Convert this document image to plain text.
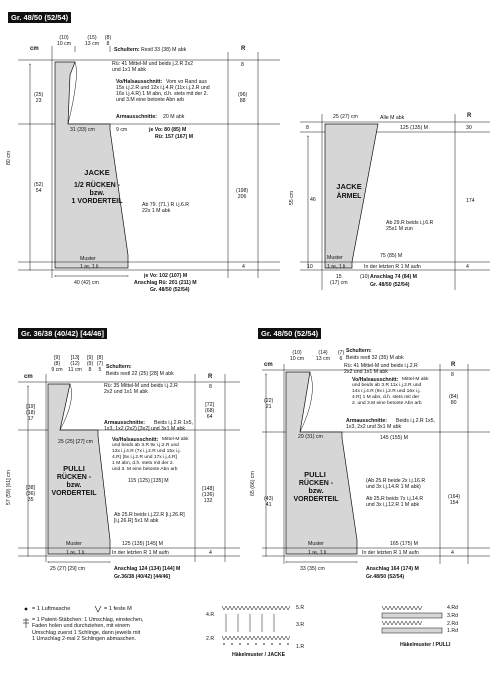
Gr. 48/50 (52/54)
cm
(10)
10 cm
(15)
13 cm
(8)
8
R
Schultern: Restl 33 (38) M abk
Rü: 41 Mittel-M und beids j.2.R 2x2
und 1x1 M abk
Vo/Halsausschnitt: Vom vo Rand aus
15x i.j.2.R und 12x i.j.4.R (11x i.j.2.R und
16x i.j.4.R) 1 M abn, d.h. stets mit der 2.
und 3.M eine betonte Abn arb
Armausschnitte: 20 M abk
(25)
23
(52)
54
80 cm
31 (33) cm	9 cm	je Vo: 80 (85) M
Rü: 157 (167) M
JACKE
1/2 RÜCKEN -
bzw.
1 VORDERTEIL	Ab 79. (71.) R i.j.6.R
22x 1 M abk
8
(96)
88
(198)
206
4
Muster
1 re, 1 li
40 (42) cm
je Vo: 102 (107) M
Anschlag Rü: 201 (211) M
Gr. 48/50 (52/54)
25 (27) cm	R
Alle M abk
8	125 (135) M	30
55 cm	46
JACKE
ÄRMEL
174
Ab 29.R beids i.j.6.R
25x1 M zun
75 (85) M
Muster
1 re, 1 li
10	In der letzten R 1 M aufn	4
15
(17) cm
(10) Anschlag 74 (84) M
Gr. 48/50 (52/54)
Gr. 36/38 (40/42) [44/46]
cm
[9]
(8)
9 cm
[13]
(12)
11 cm
[9]
(9)
8
[8]
(7)
5
R
Schultern:
Beids restl 22 (25) [28] M abk
Rü: 35 Mittel-M und beids i.j.2.R
2x2 und 1x1 M abk
[19]
(18)
17
Armausschnitte:	Beids i.j.2.R 1x5,
1x3, 1x2 (2x2) [3x2] und 3x1 M abk
25 (25) [27] cm	Vo/Halsausschnitt: Mittel-M abk
und beids ab 3.R 9x i.j.2.R und
13x i.j.4.R (7x i.j.2.R und 15x i.j.
4.R) [5x i.j.2.R und 17x i.j.4.R]
1 M abn, d.h. stets mit der 2.
und 3. M eine betonte Abn arb
115 (125) [135] M
57 (59) [61] cm	[38]
(36)
35
PULLI
RÜCKEN -
bzw.
VORDERTEIL
Ab 25.R beids i.j.22.R [i.j.26.R]
[i.j.26.R] 5x1 M abk
8
[72]
(68)
64
[148]
(136)
132
4
Muster
1 re, 1 li
125 (135) [145] M
In der letzten R 1 M aufn
25 (27) [29] cm	Anschlag 124 (134) [144] M
Gr.36/38 (40/42) [44/46]
Gr. 48/50 (52/54)
cm
(10)
10 cm
(14)
13 cm
(7)
6
R
Schultern:
Beids restl 32 (35) M abk
Rü: 41 Mittel-M und beids i.j.2.R
2x2 und 1x1 M abk
Vo/Halsausschnitt: Mittel-M abk
und beids ab 3.R 11x i.j.2.R und
14x i.j.4.R (9x i.j.2.R und 16x i.j.
4.R) 1 M abn, d.h. stets mit der
2. und 3.M eine betonte Abn arb
(22)
21
(84)
80
Armausschnitte:	Beids i.j.2.R 1x5,
1x3, 2x2 und 3x1 M abk
29 (31) cm	145 (155) M
65 (66) cm
(43)
41
PULLI
RÜCKEN -
bzw.
VORDERTEIL
(Ab 25.R beide 2x i.j.16.R
und 3x i.j.14.R 1 M abk)

Ab 25.R beids 7x i.j.14.R
und 3x i.j.12.R 1 M abk
(164)
154
8
4
Muster
1 re, 1 li
165 (175) M
In der letzten R 1 M aufn
33 (35) cm	Anschlag 164 (174) M
Gr.48/50 (52/54)
= 1 Luftmasche	= 1 feste M
= 1 Patent-Stäbchen: 1 Umschlag, einstechen,
Faden holen und durchziehen, mit einem
Umschlag zuerst 1 Schlinge, dann jeweils mit
1 Umschlag 2-mal 2 Schlingen abmaschen.
5.R
4.R
3.R
2.R
1.R
Häkelmuster / JACKE
4.Rd
3.Rd
2.Rd
1.Rd
Häkelmuster / PULLI
